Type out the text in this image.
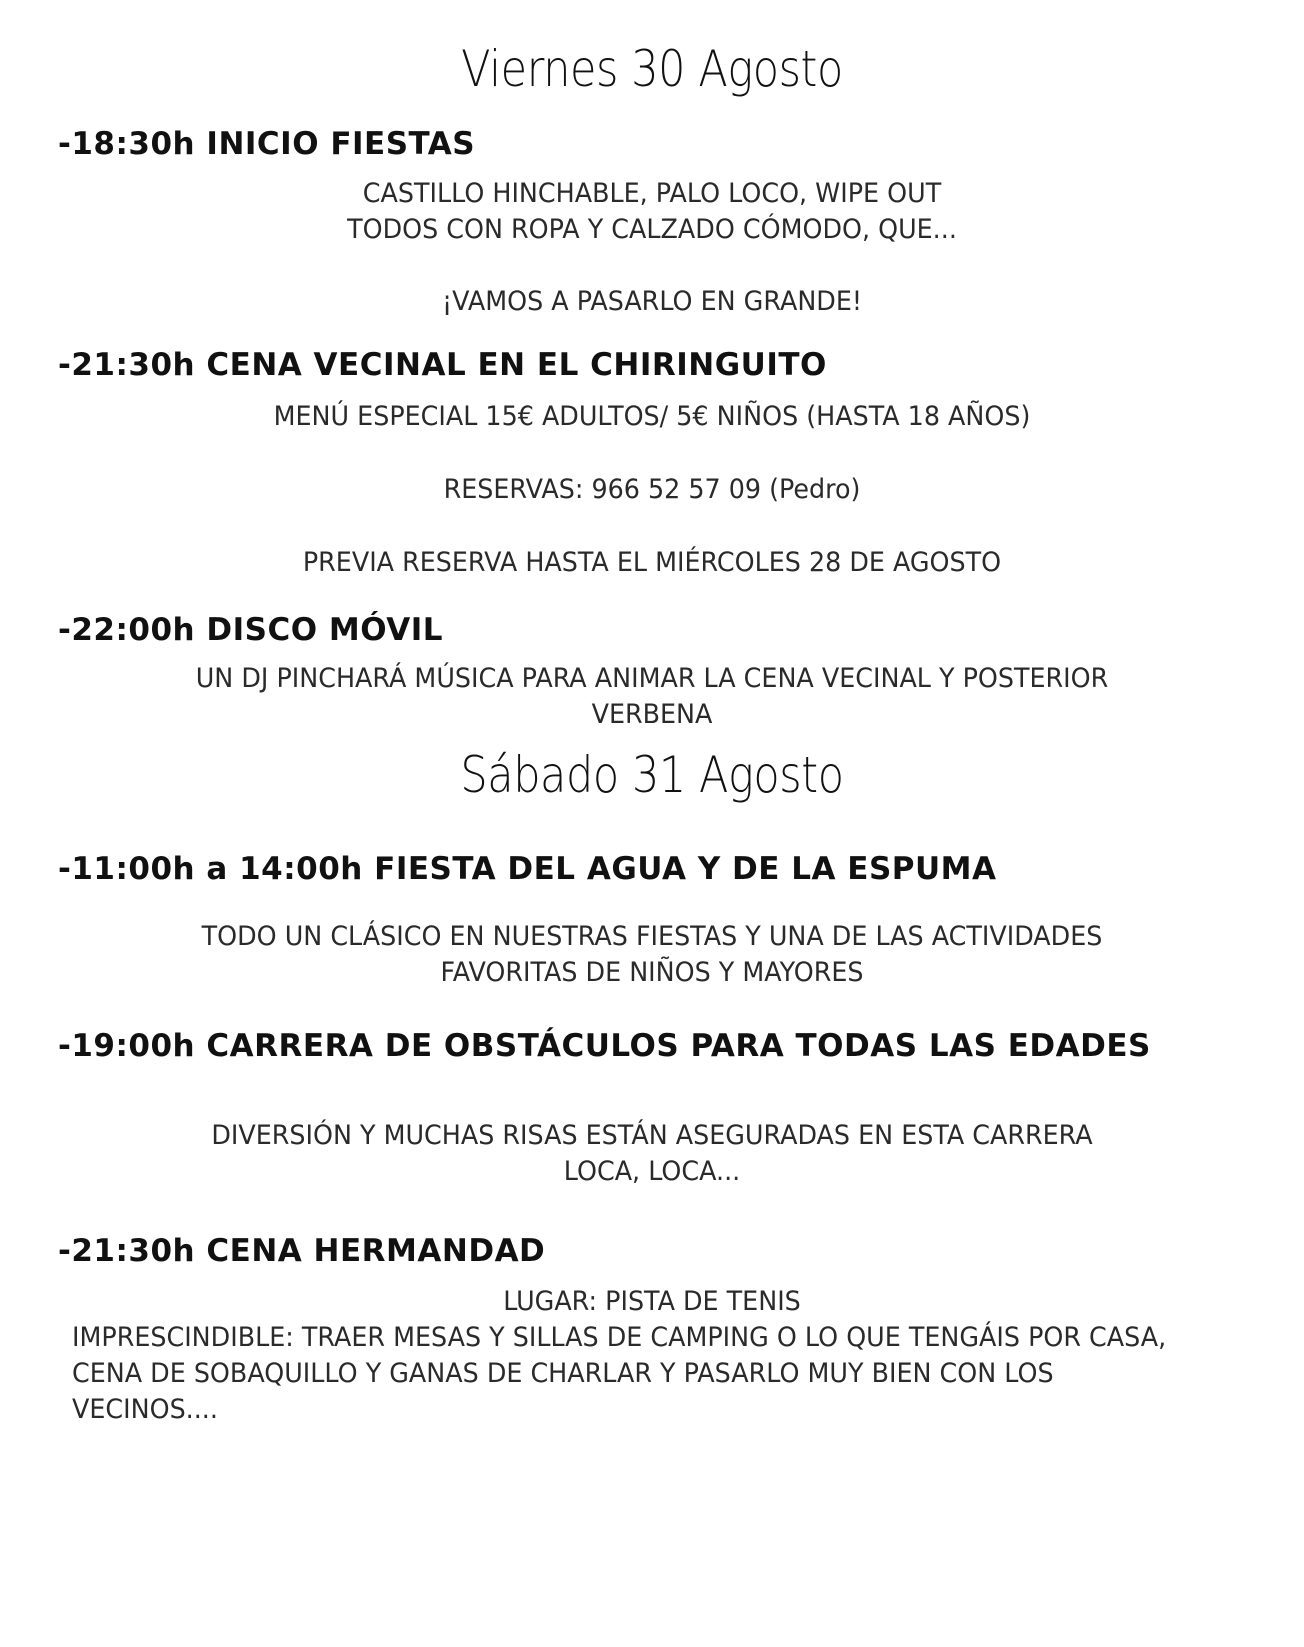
Viernes 30 Agosto
-18:30h INICIO FIESTAS
CASTILLO HINCHABLE, PALO LOCO, WIPE OUT
TODOS CON ROPA Y CALZADO CÓMODO, QUE...
¡VAMOS A PASARLO EN GRANDE!
-21:30h CENA VECINAL EN EL CHIRINGUITO
MENÚ ESPECIAL 15€ ADULTOS/ 5€ NIÑOS (HASTA 18 AÑOS)
RESERVAS: 966 52 57 09 (Pedro)
PREVIA RESERVA HASTA EL MIÉRCOLES 28 DE AGOSTO
-22:00h DISCO MÓVIL
UN DJ PINCHARÁ MÚSICA PARA ANIMAR LA CENA VECINAL Y POSTERIOR
VERBENA
Sábado 31 Agosto
-11:00h a 14:00h FIESTA DEL AGUA Y DE LA ESPUMA
TODO UN CLÁSICO EN NUESTRAS FIESTAS Y UNA DE LAS ACTIVIDADES
FAVORITAS DE NIÑOS Y MAYORES
-19:00h CARRERA DE OBSTÁCULOS PARA TODAS LAS EDADES
DIVERSIÓN Y MUCHAS RISAS ESTÁN ASEGURADAS EN ESTA CARRERA
LOCA, LOCA...
-21:30h CENA HERMANDAD
LUGAR: PISTA DE TENIS
IMPRESCINDIBLE: TRAER MESAS Y SILLAS DE CAMPING O LO QUE TENGÁIS POR CASA,
CENA DE SOBAQUILLO Y GANAS DE CHARLAR Y PASARLO MUY BIEN CON LOS
VECINOS....
